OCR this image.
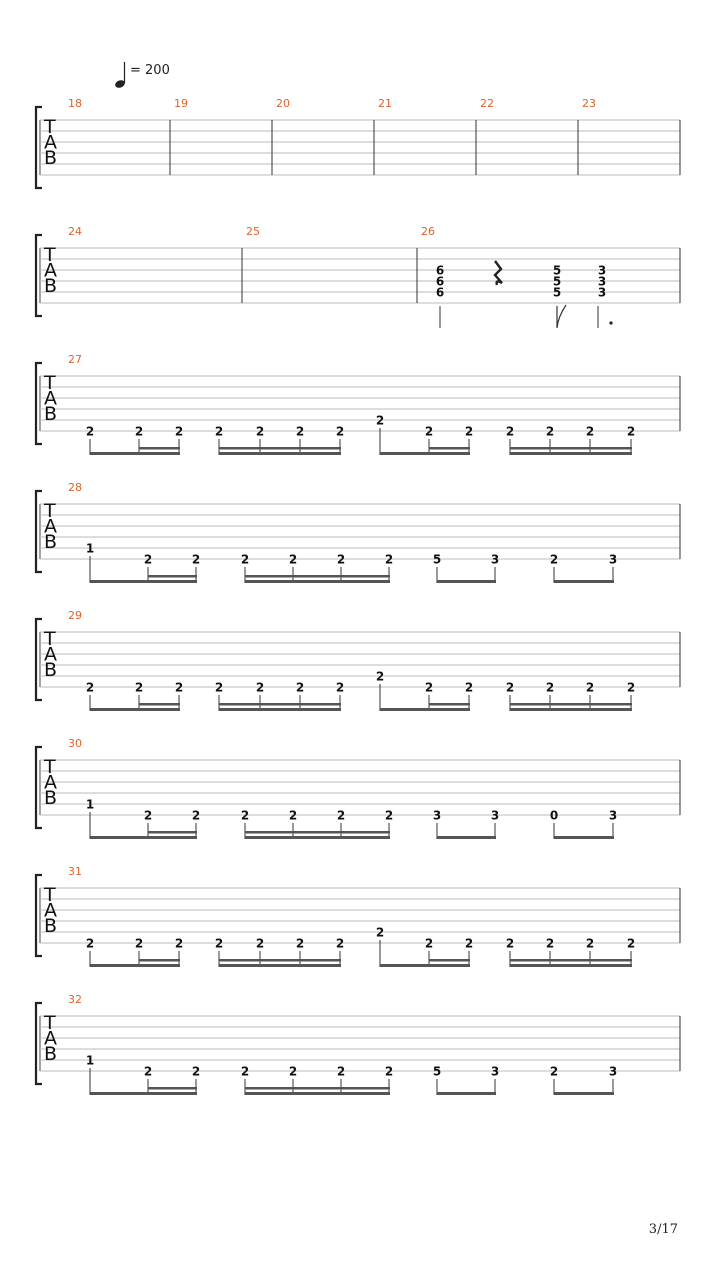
= 200
T
A
B
18	19	20	21	22	23
T
A
B
24	25	26
6
6
6
5
5
5
3
3
3
T
A
B
27
2	2	2	2	2	2	2
2
2	2	2	2	2	2
T
A
B
28
1
2	2	2	2	2	2	5	3	2	3
T
A
B
29
2	2	2	2	2	2	2
2
2	2	2	2	2	2
T
A
B
30
1
2	2	2	2	2	2	3	3	0	3
T
A
B
31
2	2	2	2	2	2	2
2
2	2	2	2	2	2
T
A
B
32
1
2	2	2	2	2	2	5	3	2	3
3/17
